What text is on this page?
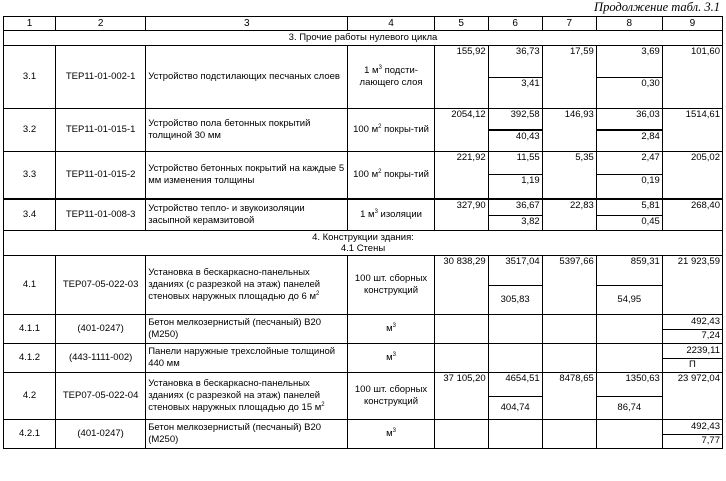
Продолжение табл. 3.1
1	2	3	4	5	6	7	8	9
3. Прочие работы нулевого цикла								
3.1	ТЕР11-01-002-1	Устройство подстилающих песчаных слоев	1 $м^3$ подсти-лающего слоя	155,92	36,73	17,59	3,69	101,60
					3,41		0,30	
3.2	ТЕР11-01-015-1	Устройство пола бетонных покрытий толщиной 30 мм	100 $м^2$ покры-тий	2054,12	392,58	146,93	36,03	1514,61
					40,43		2,84	
3.3	ТЕР11-01-015-2	Устройство бетонных покрытий на каждые 5 мм изменения толщины	100 $м^2$ покры-тий	221,92	11,55	5,35	2,47	205,02
					1,19		0,19	
3.4	ТЕР11-01-008-3	Устройство тепло- и звукоизоляции засыпной керамзитовой	1 $м^3$ изоляции	327,90	36,67	22,83	5,81	268,40
					3,82		0,45	

4. Конструкции здания:
4.1 Стены								

4.1	ТЕР07-05-022-03	Установка в бескаркасно-панельных зданиях (с разрезкой на этаж) панелей стеновых наружных площадью до 6 $м^2$	100 шт. сборных конструкций	30 838,29	3517,04	5397,66	859,31	21 923,59
					305,83		54,95	
4.1.1	(401-0247)	Бетон мелкозернистый (песчаный) В20 (М250)	$м^3$					492,43
								7,24
4.1.2	(443-1111-002)	Панели наружные трехслойные толщиной 440 мм	$м^3$					2239,11
								П
4.2	ТЕР07-05-022-04	Установка в бескаркасно-панельных зданиях (с разрезкой на этаж) панелей стеновых наружных площадью до 15 $м^2$	100 шт. сборных конструкций	37 105,20	4654,51	8478,65	1350,63	23 972,04
					404,74		86,74	
4.2.1	(401-0247)	Бетон мелкозернистый (песчаный) В20 (М250)	$м^3$					492,43
								7,77
